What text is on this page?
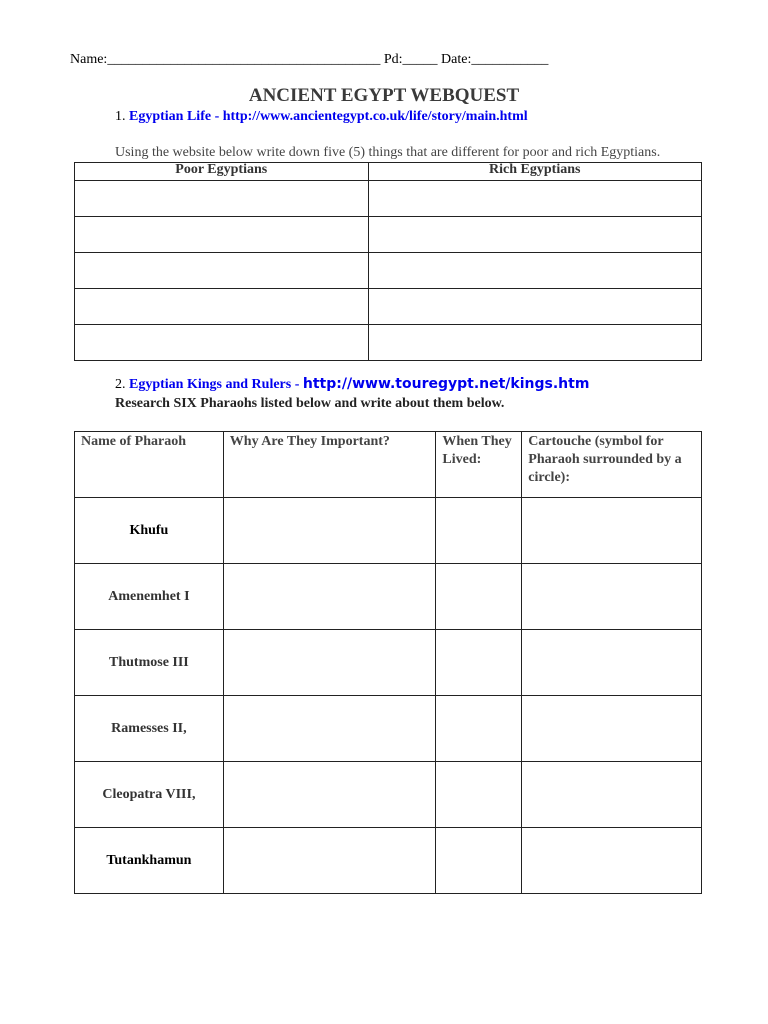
Name:_______________________________________ Pd:_____ Date:___________
ANCIENT EGYPT WEBQUEST
1. Egyptian Life - http://www.ancientegypt.co.uk/life/story/main.html
Using the website below write down five (5) things that are different for poor and rich Egyptians.
Poor Egyptians	Rich Egyptians

2. Egyptian Kings and Rulers - http://www.touregypt.net/kings.htm
Research SIX Pharaohs listed below and write about them below.
Name of Pharaoh	Why Are They Important?	When They Lived:	Cartouche (symbol for Pharaoh surrounded by a circle):
Khufu			
Amenemhet I			
Thutmose III			
Ramesses II,			
Cleopatra VIII,			
Tutankhamun			
